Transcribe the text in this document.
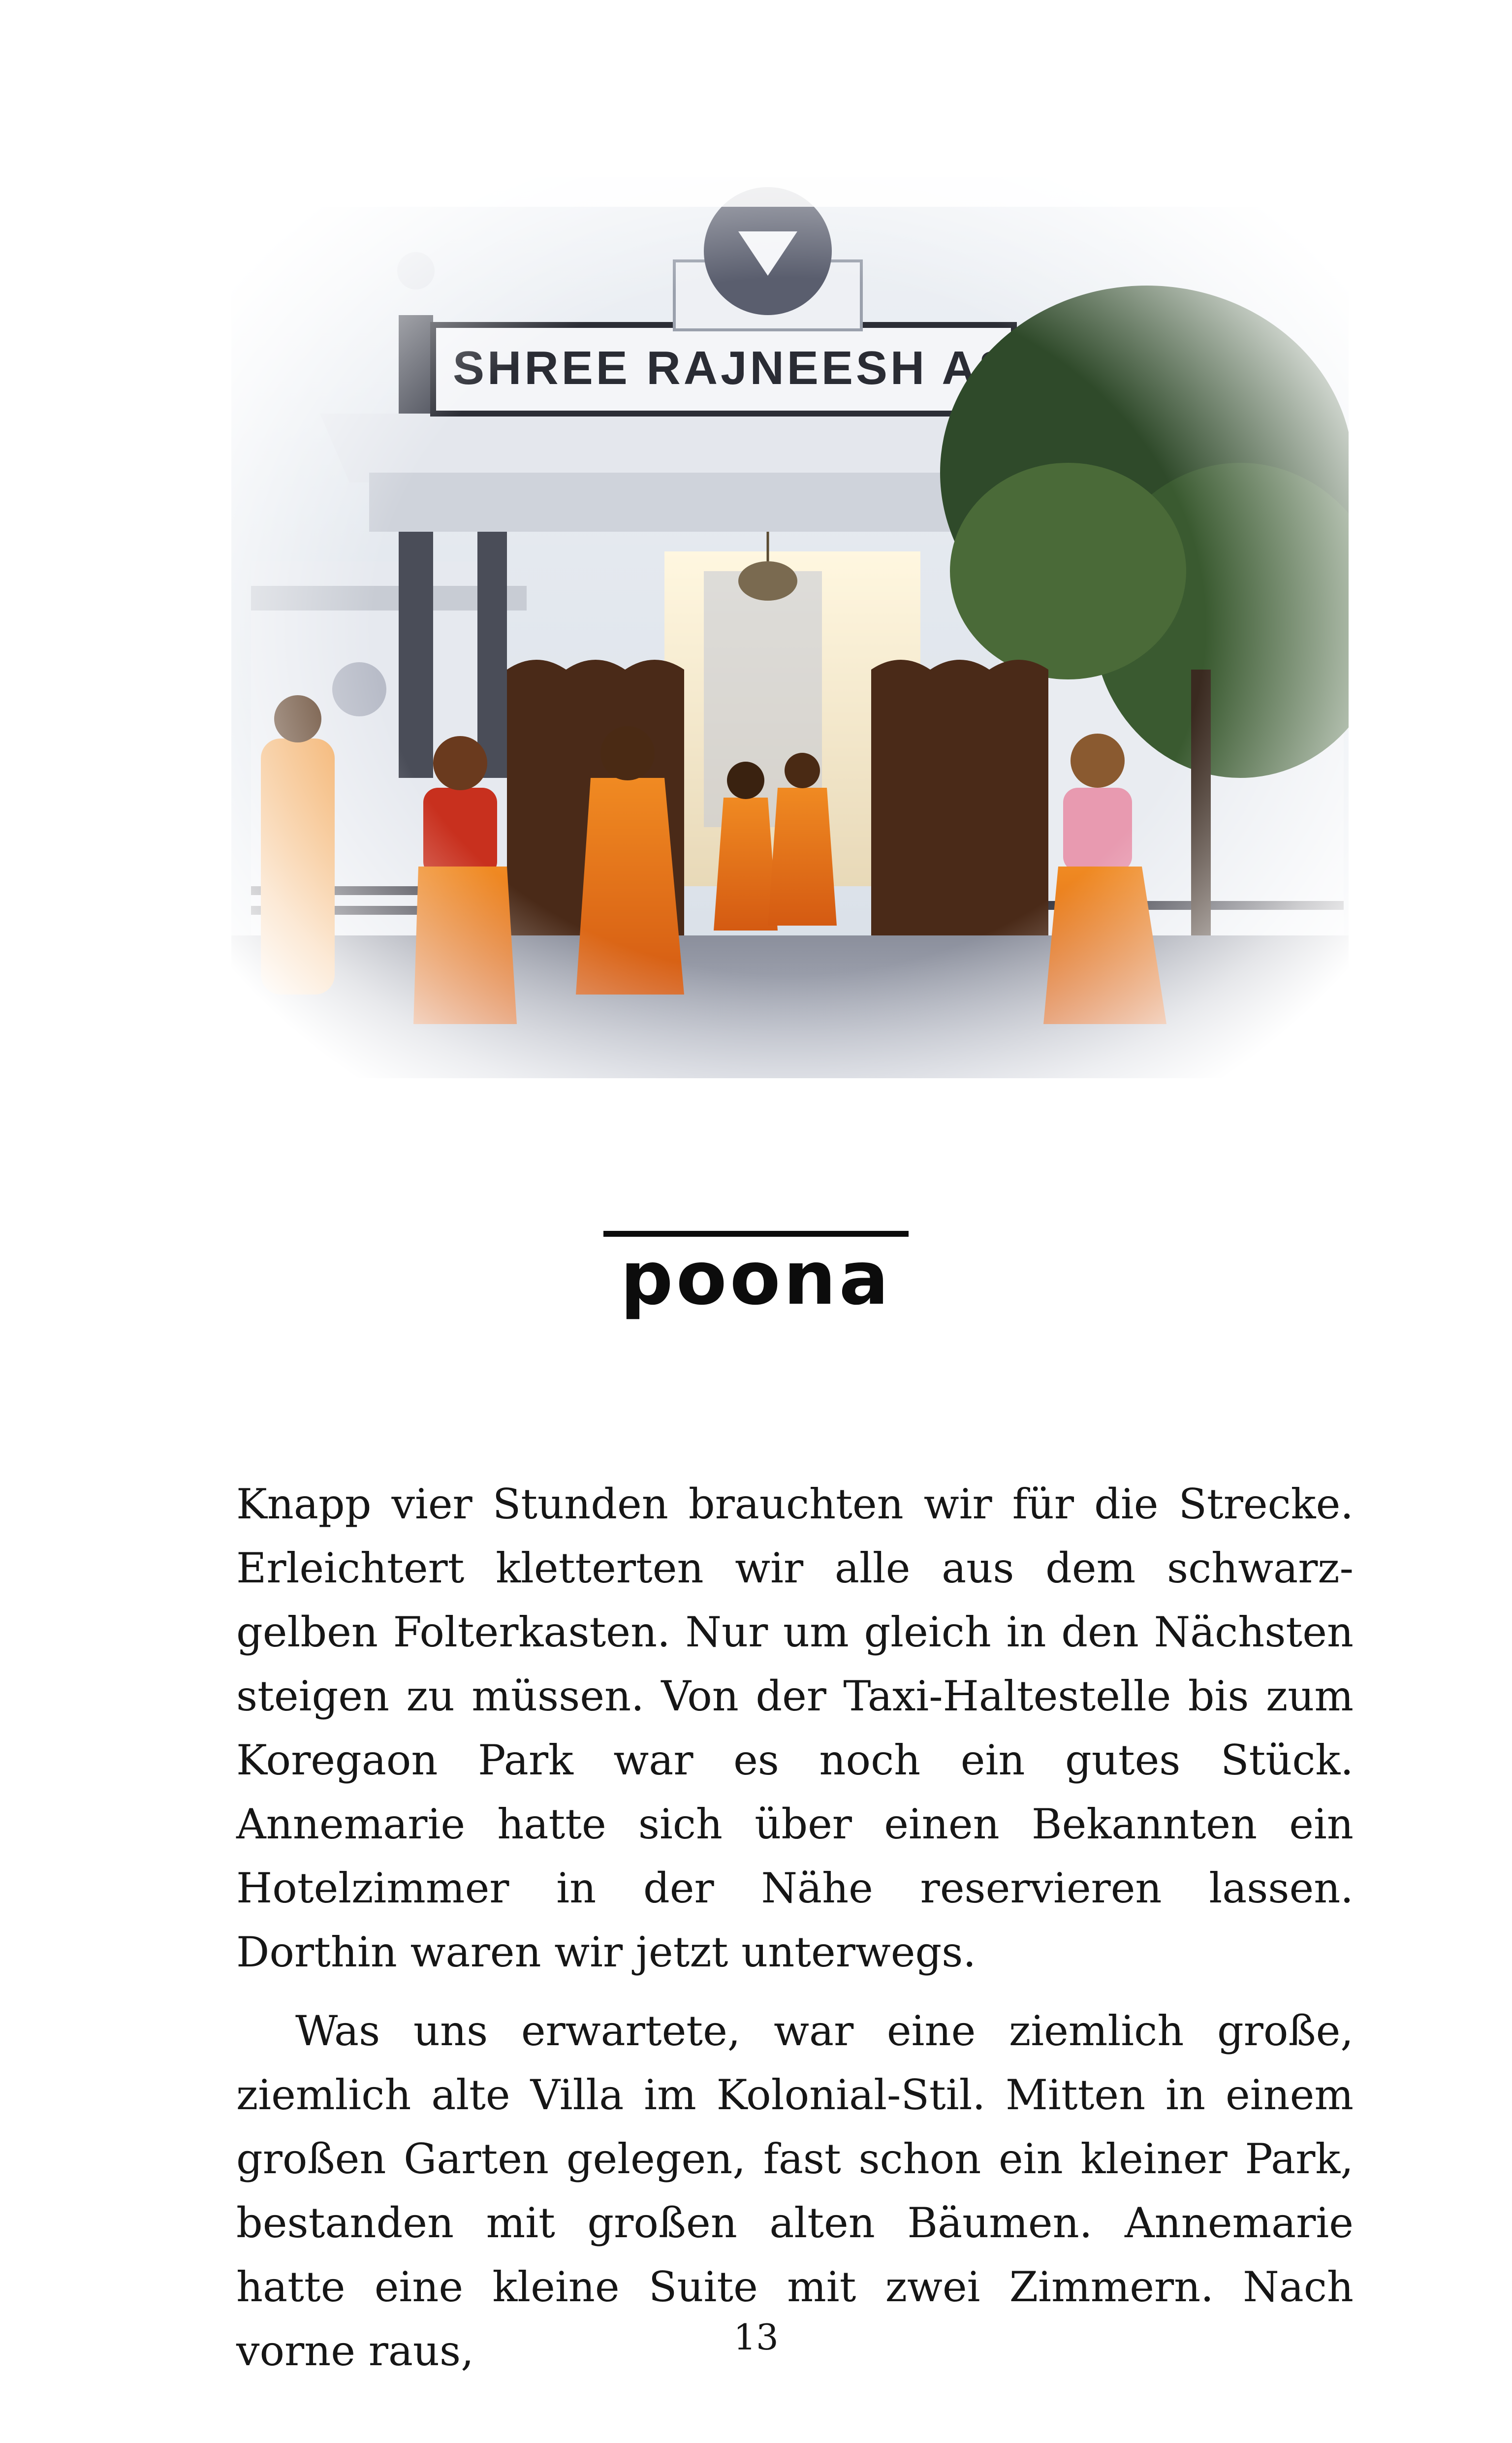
poona

Knapp vier Stunden brauchten wir für die Strecke. Erleichtert kletterten wir alle aus dem schwarz-gelben Folterkasten. Nur um gleich in den Nächsten steigen zu müssen. Von der Taxi-Haltestelle bis zum Koregaon Park war es noch ein gutes Stück. Annemarie hatte sich über einen Bekannten ein Hotelzimmer in der Nähe reservieren lassen. Dorthin waren wir jetzt unterwegs.

Was uns erwartete, war eine ziemlich große, ziemlich alte Villa im Kolonial-Stil. Mitten in einem großen Garten gelegen, fast schon ein kleiner Park, bestanden mit großen alten Bäumen. Annemarie hatte eine kleine Suite mit zwei Zimmern. Nach vorne raus,	13
